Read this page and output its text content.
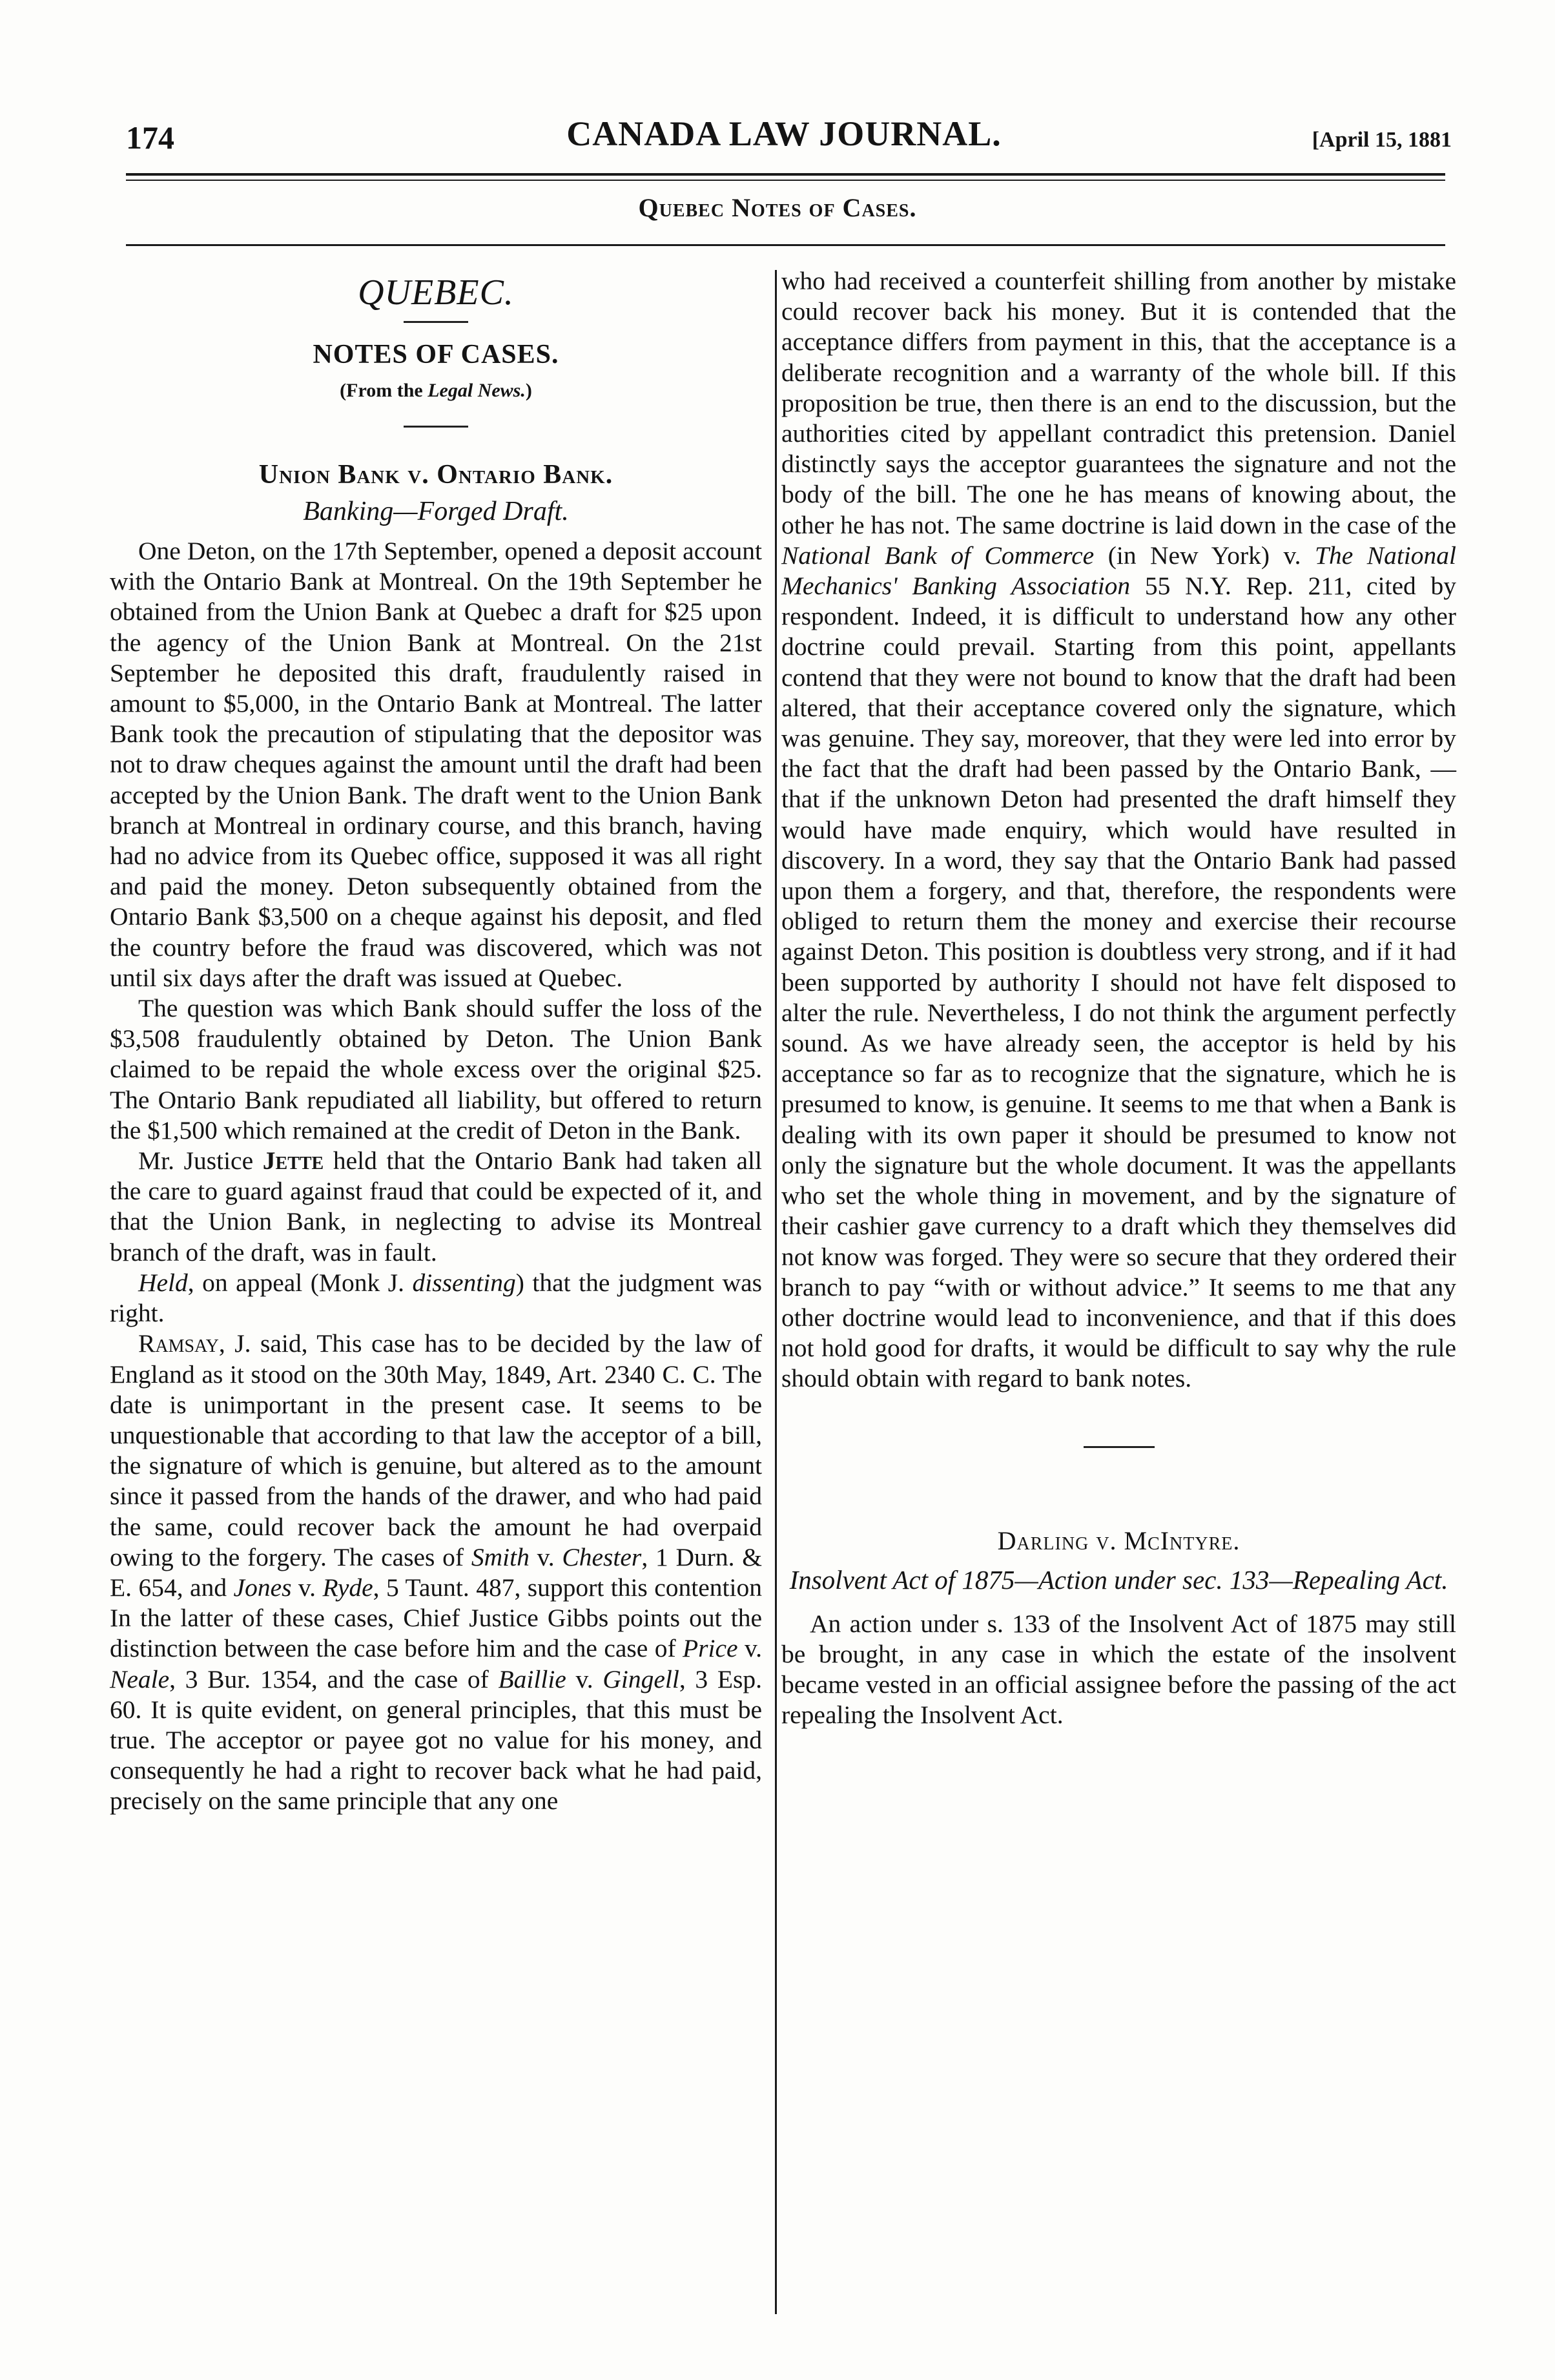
174	CANADA LAW JOURNAL.	[April 15, 1881
Quebec Notes of Cases.
QUEBEC.
NOTES OF CASES.
(From the Legal News.)
Union Bank v. Ontario Bank.
Banking—Forged Draft.

One Deton, on the 17th September, opened a deposit account with the Ontario Bank at Montreal. On the 19th September he obtained from the Union Bank at Quebec a draft for $25 upon the agency of the Union Bank at Montreal. On the 21st September he deposited this draft, fraudulently raised in amount to $5,000, in the Ontario Bank at Montreal. The latter Bank took the precaution of stipulating that the depositor was not to draw cheques against the amount until the draft had been accepted by the Union Bank. The draft went to the Union Bank branch at Montreal in ordinary course, and this branch, having had no advice from its Quebec office, supposed it was all right and paid the money. Deton subsequently obtained from the Ontario Bank $3,500 on a cheque against his deposit, and fled the country before the fraud was discovered, which was not until six days after the draft was issued at Quebec.

The question was which Bank should suffer the loss of the $3,508 fraudulently obtained by Deton. The Union Bank claimed to be repaid the whole excess over the original $25. The Ontario Bank repudiated all liability, but offered to return the $1,500 which remained at the credit of Deton in the Bank.

Mr. Justice Jette held that the Ontario Bank had taken all the care to guard against fraud that could be expected of it, and that the Union Bank, in neglecting to advise its Montreal branch of the draft, was in fault.

Held, on appeal (Monk J. dissenting) that the judgment was right.

Ramsay, J. said, This case has to be decided by the law of England as it stood on the 30th May, 1849, Art. 2340 C. C. The date is unimportant in the present case. It seems to be unquestionable that according to that law the acceptor of a bill, the signature of which is genuine, but altered as to the amount since it passed from the hands of the drawer, and who had paid the same, could recover back the amount he had overpaid owing to the forgery. The cases of Smith v. Chester, 1 Durn. & E. 654, and Jones v. Ryde, 5 Taunt. 487, support this contention In the latter of these cases, Chief Justice Gibbs points out the distinction between the case before him and the case of Price v. Neale, 3 Bur. 1354, and the case of Baillie v. Gingell, 3 Esp. 60. It is quite evident, on general principles, that this must be true. The acceptor or payee got no value for his money, and consequently he had a right to recover back what he had paid, precisely on the same principle that any one

who had received a counterfeit shilling from another by mistake could recover back his money. But it is contended that the acceptance differs from payment in this, that the acceptance is a deliberate recognition and a warranty of the whole bill. If this proposition be true, then there is an end to the discussion, but the authorities cited by appellant contradict this pretension. Daniel distinctly says the acceptor guarantees the signature and not the body of the bill. The one he has means of knowing about, the other he has not. The same doctrine is laid down in the case of the National Bank of Commerce (in New York) v. The National Mechanics' Banking Association 55 N.Y. Rep. 211, cited by respondent. Indeed, it is difficult to understand how any other doctrine could prevail. Starting from this point, appellants contend that they were not bound to know that the draft had been altered, that their acceptance covered only the signature, which was genuine. They say, moreover, that they were led into error by the fact that the draft had been passed by the Ontario Bank, —that if the unknown Deton had presented the draft himself they would have made enquiry, which would have resulted in discovery. In a word, they say that the Ontario Bank had passed upon them a forgery, and that, therefore, the respondents were obliged to return them the money and exercise their recourse against Deton. This position is doubtless very strong, and if it had been supported by authority I should not have felt disposed to alter the rule. Nevertheless, I do not think the argument perfectly sound. As we have already seen, the acceptor is held by his acceptance so far as to recognize that the signature, which he is presumed to know, is genuine. It seems to me that when a Bank is dealing with its own paper it should be presumed to know not only the signature but the whole document. It was the appellants who set the whole thing in movement, and by the signature of their cashier gave currency to a draft which they themselves did not know was forged. They were so secure that they ordered their branch to pay “with or without advice.” It seems to me that any other doctrine would lead to inconvenience, and that if this does not hold good for drafts, it would be difficult to say why the rule should obtain with regard to bank notes.

Darling v. McIntyre.
Insolvent Act of 1875—Action under sec. 133—Repealing Act.

An action under s. 133 of the Insolvent Act of 1875 may still be brought, in any case in which the estate of the insolvent became vested in an official assignee before the passing of the act repealing the Insolvent Act.
